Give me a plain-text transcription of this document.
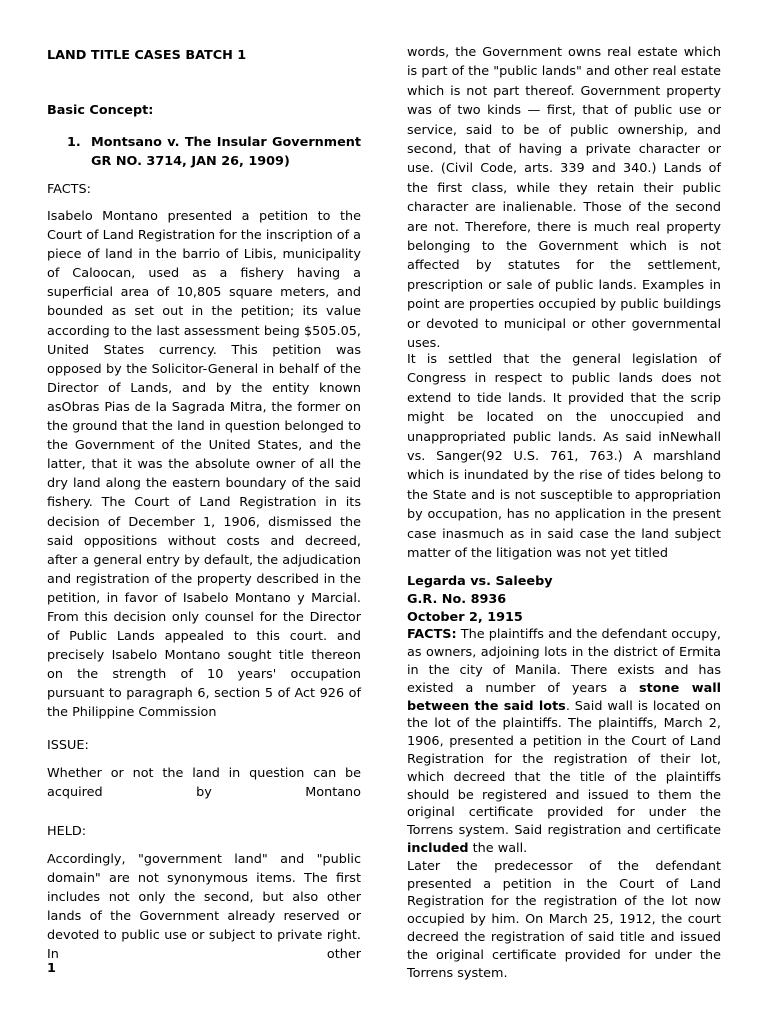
LAND TITLE CASES BATCH 1

Basic Concept:

1. Montsano v. The Insular Government GR NO. 3714, JAN 26, 1909)

FACTS:

Isabelo Montano presented a petition to the Court of Land Registration for the inscription of a piece of land in the barrio of Libis, municipality of Caloocan, used as a fishery having a superficial area of 10,805 square meters, and bounded as set out in the petition; its value according to the last assessment being $505.05, United States currency. This petition was opposed by the Solicitor-General in behalf of the Director of Lands, and by the entity known asObras Pias de la Sagrada Mitra, the former on the ground that the land in question belonged to the Government of the United States, and the latter, that it was the absolute owner of all the dry land along the eastern boundary of the said fishery. The Court of Land Registration in its decision of December 1, 1906, dismissed the said oppositions without costs and decreed, after a general entry by default, the adjudication and registration of the property described in the petition, in favor of Isabelo Montano y Marcial. From this decision only counsel for the Director of Public Lands appealed to this court. and precisely Isabelo Montano sought title thereon on the strength of 10 years' occupation pursuant to paragraph 6, section 5 of Act 926 of the Philippine Commission

ISSUE:

Whether or not the land in question can be acquired by Montano

HELD:

Accordingly, "government land" and "public domain" are not synonymous items. The first includes not only the second, but also other lands of the Government already reserved or devoted to public use or subject to private right. In other

1

words, the Government owns real estate which is part of the "public lands" and other real estate which is not part thereof. Government property was of two kinds — first, that of public use or service, said to be of public ownership, and second, that of having a private character or use. (Civil Code, arts. 339 and 340.) Lands of the first class, while they retain their public character are inalienable. Those of the second are not. Therefore, there is much real property belonging to the Government which is not affected by statutes for the settlement, prescription or sale of public lands. Examples in point are properties occupied by public buildings or devoted to municipal or other governmental uses.

It is settled that the general legislation of Congress in respect to public lands does not extend to tide lands. It provided that the scrip might be located on the unoccupied and unappropriated public lands. As said inNewhall vs. Sanger(92 U.S. 761, 763.) A marshland which is inundated by the rise of tides belong to the State and is not susceptible to appropriation by occupation, has no application in the present case inasmuch as in said case the land subject matter of the litigation was not yet titled

Legarda vs. Saleeby

G.R. No. 8936

October 2, 1915

FACTS: The plaintiffs and the defendant occupy, as owners, adjoining lots in the district of Ermita in the city of Manila. There exists and has existed a number of years a stone wall between the said lots. Said wall is located on the lot of the plaintiffs. The plaintiffs, March 2, 1906, presented a petition in the Court of Land Registration for the registration of their lot, which decreed that the title of the plaintiffs should be registered and issued to them the original certificate provided for under the Torrens system. Said registration and certificate included the wall.

Later the predecessor of the defendant presented a petition in the Court of Land Registration for the registration of the lot now occupied by him. On March 25, 1912, the court decreed the registration of said title and issued the original certificate provided for under the Torrens system.
